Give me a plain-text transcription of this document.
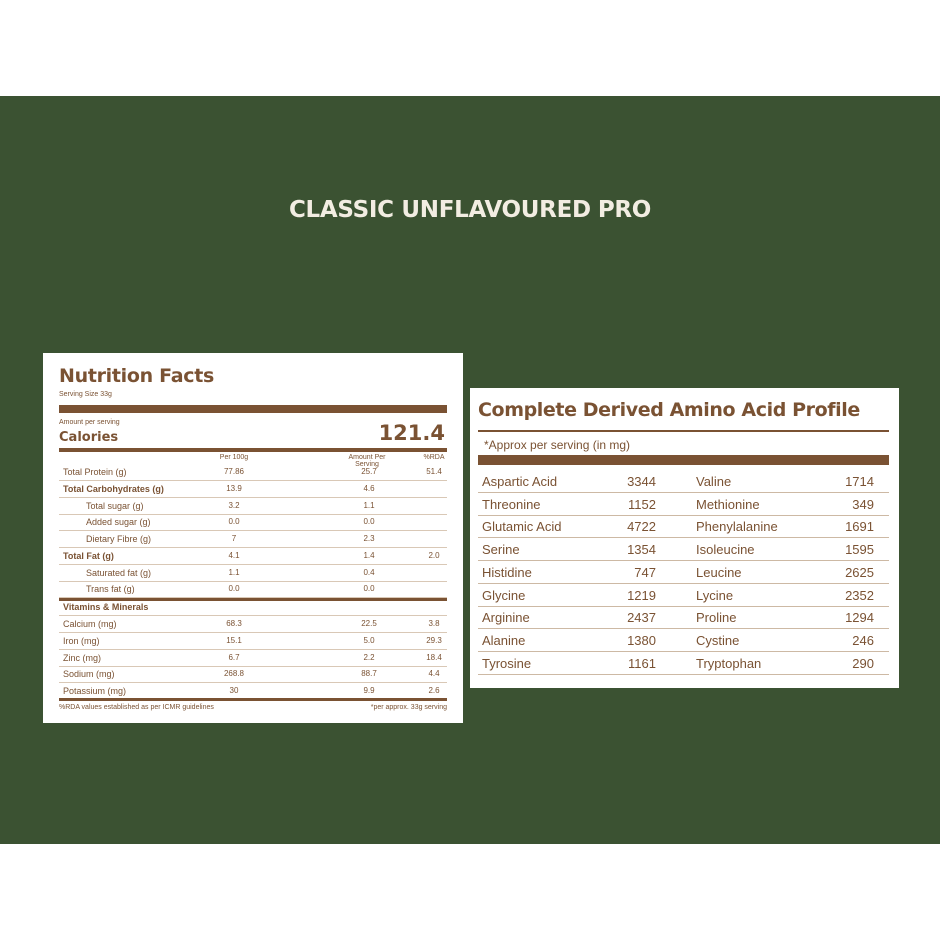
CLASSIC UNFLAVOURED PRO
Nutrition Facts
Serving Size 33g
Amount per serving
Calories	121.4
Per 100g	Amount Per Serving
%RDA
Total Protein (g)	77.86	25.7	51.4
Total Carbohydrates (g)	13.9	4.6
Total sugar (g)	3.2	1.1
Added sugar (g)	0.0	0.0
Dietary Fibre (g)	7	2.3
Total Fat (g)	4.1	1.4	2.0
Saturated fat (g)	1.1	0.4
Trans fat (g)	0.0	0.0
Vitamins & Minerals
Calcium (mg)	68.3	22.5	3.8
Iron (mg)	15.1	5.0	29.3
Zinc (mg)	6.7	2.2	18.4
Sodium (mg)	268.8	88.7	4.4
Potassium (mg)	30	9.9	2.6
%RDA values established as per ICMR guidelines	*per approx. 33g serving
Complete Derived Amino Acid Profile
*Approx per serving (in mg)
Aspartic Acid	3344	Valine	1714
Threonine	1152	Methionine	349
Glutamic Acid	4722	Phenylalanine	1691
Serine	1354	Isoleucine	1595
Histidine	747	Leucine	2625
Glycine	1219	Lycine	2352
Arginine	2437	Proline	1294
Alanine	1380	Cystine	246
Tyrosine	1161	Tryptophan	290
